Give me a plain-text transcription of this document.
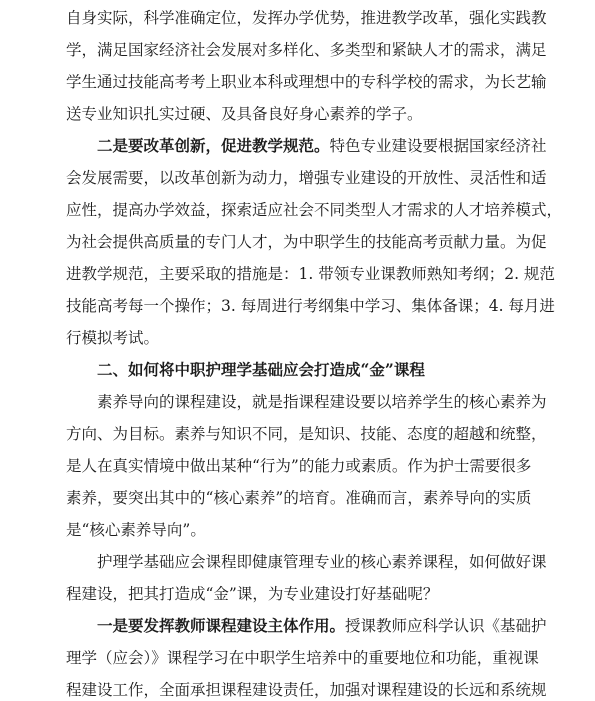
自身实际，科学准确定位，发挥办学优势，推进教学改革，强化实践教
学，满足国家经济社会发展对多样化、多类型和紧缺人才的需求，满足
学生通过技能高考考上职业本科或理想中的专科学校的需求，为长艺输
送专业知识扎实过硬、及具备良好身心素养的学子。
二是要改革创新，促进教学规范。特色专业建设要根据国家经济社
会发展需要，以改革创新为动力，增强专业建设的开放性、灵活性和适
应性，提高办学效益，探索适应社会不同类型人才需求的人才培养模式，
为社会提供高质量的专门人才，为中职学生的技能高考贡献力量。为促
进教学规范，主要采取的措施是：1. 带领专业课教师熟知考纲；2. 规范
技能高考每一个操作；3. 每周进行考纲集中学习、集体备课；4. 每月进
行模拟考试。
二、如何将中职护理学基础应会打造成“金”课程
素养导向的课程建设，就是指课程建设要以培养学生的核心素养为
方向、为目标。素养与知识不同，是知识、技能、态度的超越和统整，
是人在真实情境中做出某种“行为”的能力或素质。作为护士需要很多
素养，要突出其中的“核心素养”的培育。准确而言，素养导向的实质
是“核心素养导向”。
护理学基础应会课程即健康管理专业的核心素养课程，如何做好课
程建设，把其打造成“金”课，为专业建设打好基础呢？
一是要发挥教师课程建设主体作用。授课教师应科学认识《基础护
理学（应会）》课程学习在中职学生培养中的重要地位和功能，重视课
程建设工作，全面承担课程建设责任，加强对课程建设的长远和系统规
